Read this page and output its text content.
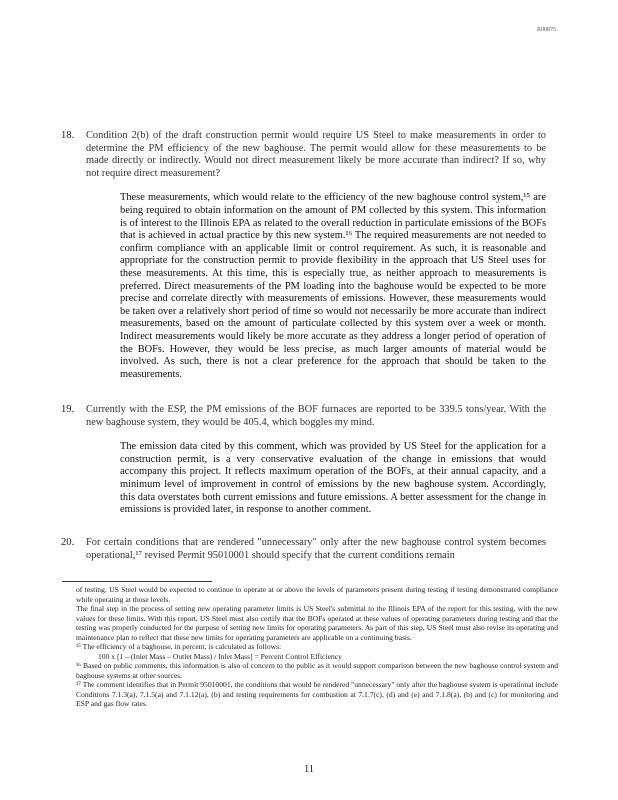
R00875
18. Condition 2(b) of the draft construction permit would require US Steel to make measurements in order to determine the PM efficiency of the new baghouse. The permit would allow for these measurements to be made directly or indirectly. Would not direct measurement likely be more accurate than indirect? If so, why not require direct measurement?

These measurements, which would relate to the efficiency of the new baghouse control system,¹⁵ are being required to obtain information on the amount of PM collected by this system. This information is of interest to the Illinois EPA as related to the overall reduction in particulate emissions of the BOFs that is achieved in actual practice by this new system.¹⁶ The required measurements are not needed to confirm compliance with an applicable limit or control requirement. As such, it is reasonable and appropriate for the construction permit to provide flexibility in the approach that US Steel uses for these measurements. At this time, this is especially true, as neither approach to measurements is preferred. Direct measurements of the PM loading into the baghouse would be expected to be more precise and correlate directly with measurements of emissions. However, these measurements would be taken over a relatively short period of time so would not necessarily be more accurate than indirect measurements, based on the amount of particulate collected by this system over a week or month. Indirect measurements would likely be more accurate as they address a longer period of operation of the BOFs. However, they would be less precise, as much larger amounts of material would be involved. As such, there is not a clear preference for the approach that should be taken to the measurements.

19. Currently with the ESP, the PM emissions of the BOF furnaces are reported to be 339.5 tons/year. With the new baghouse system, they would be 405.4, which boggles my mind.

The emission data cited by this comment, which was provided by US Steel for the application for a construction permit, is a very conservative evaluation of the change in emissions that would accompany this project. It reflects maximum operation of the BOFs, at their annual capacity, and a minimum level of improvement in control of emissions by the new baghouse system. Accordingly, this data overstates both current emissions and future emissions. A better assessment for the change in emissions is provided later, in response to another comment.

20. For certain conditions that are rendered "unnecessary" only after the new baghouse control system becomes operational,¹⁷ revised Permit 95010001 should specify that the current conditions remain

of testing. US Steel would be expected to continue to operate at or above the levels of parameters present during testing if testing demonstrated compliance while operating at those levels.

The final step in the process of setting new operating parameter limits is US Steel's submittal to the Illinois EPA of the report for this testing, with the new values for these limits. With this report, US Steel must also certify that the BOFs operated at these values of operating parameters during testing and that the testing was properly conducted for the purpose of setting new limits for operating parameters. As part of this step, US Steel must also revise its operating and maintenance plan to reflect that these new limits for operating parameters are applicable on a continuing basis.

¹⁵ The efficiency of a baghouse, in percent, is calculated as follows:

100 x [1 – (Inlet Mass – Outlet Mass) / Inlet Mass] = Percent Control Efficiency

¹⁶ Based on public comments, this information is also of concern to the public as it would support comparison between the new baghouse control system and baghouse systems at other sources.

¹⁷ The comment identifies that in Permit 95010001, the conditions that would be rendered "unnecessary" only after the baghouse system is operational include Conditions 7.1.3(a), 7.1.5(a) and 7.1.12(a), (b) and testing requirements for combustion at 7.1.7(c), (d) and (e) and 7.1.8(a), (b) and (c) for monitoring and ESP and gas flow rates.

11
